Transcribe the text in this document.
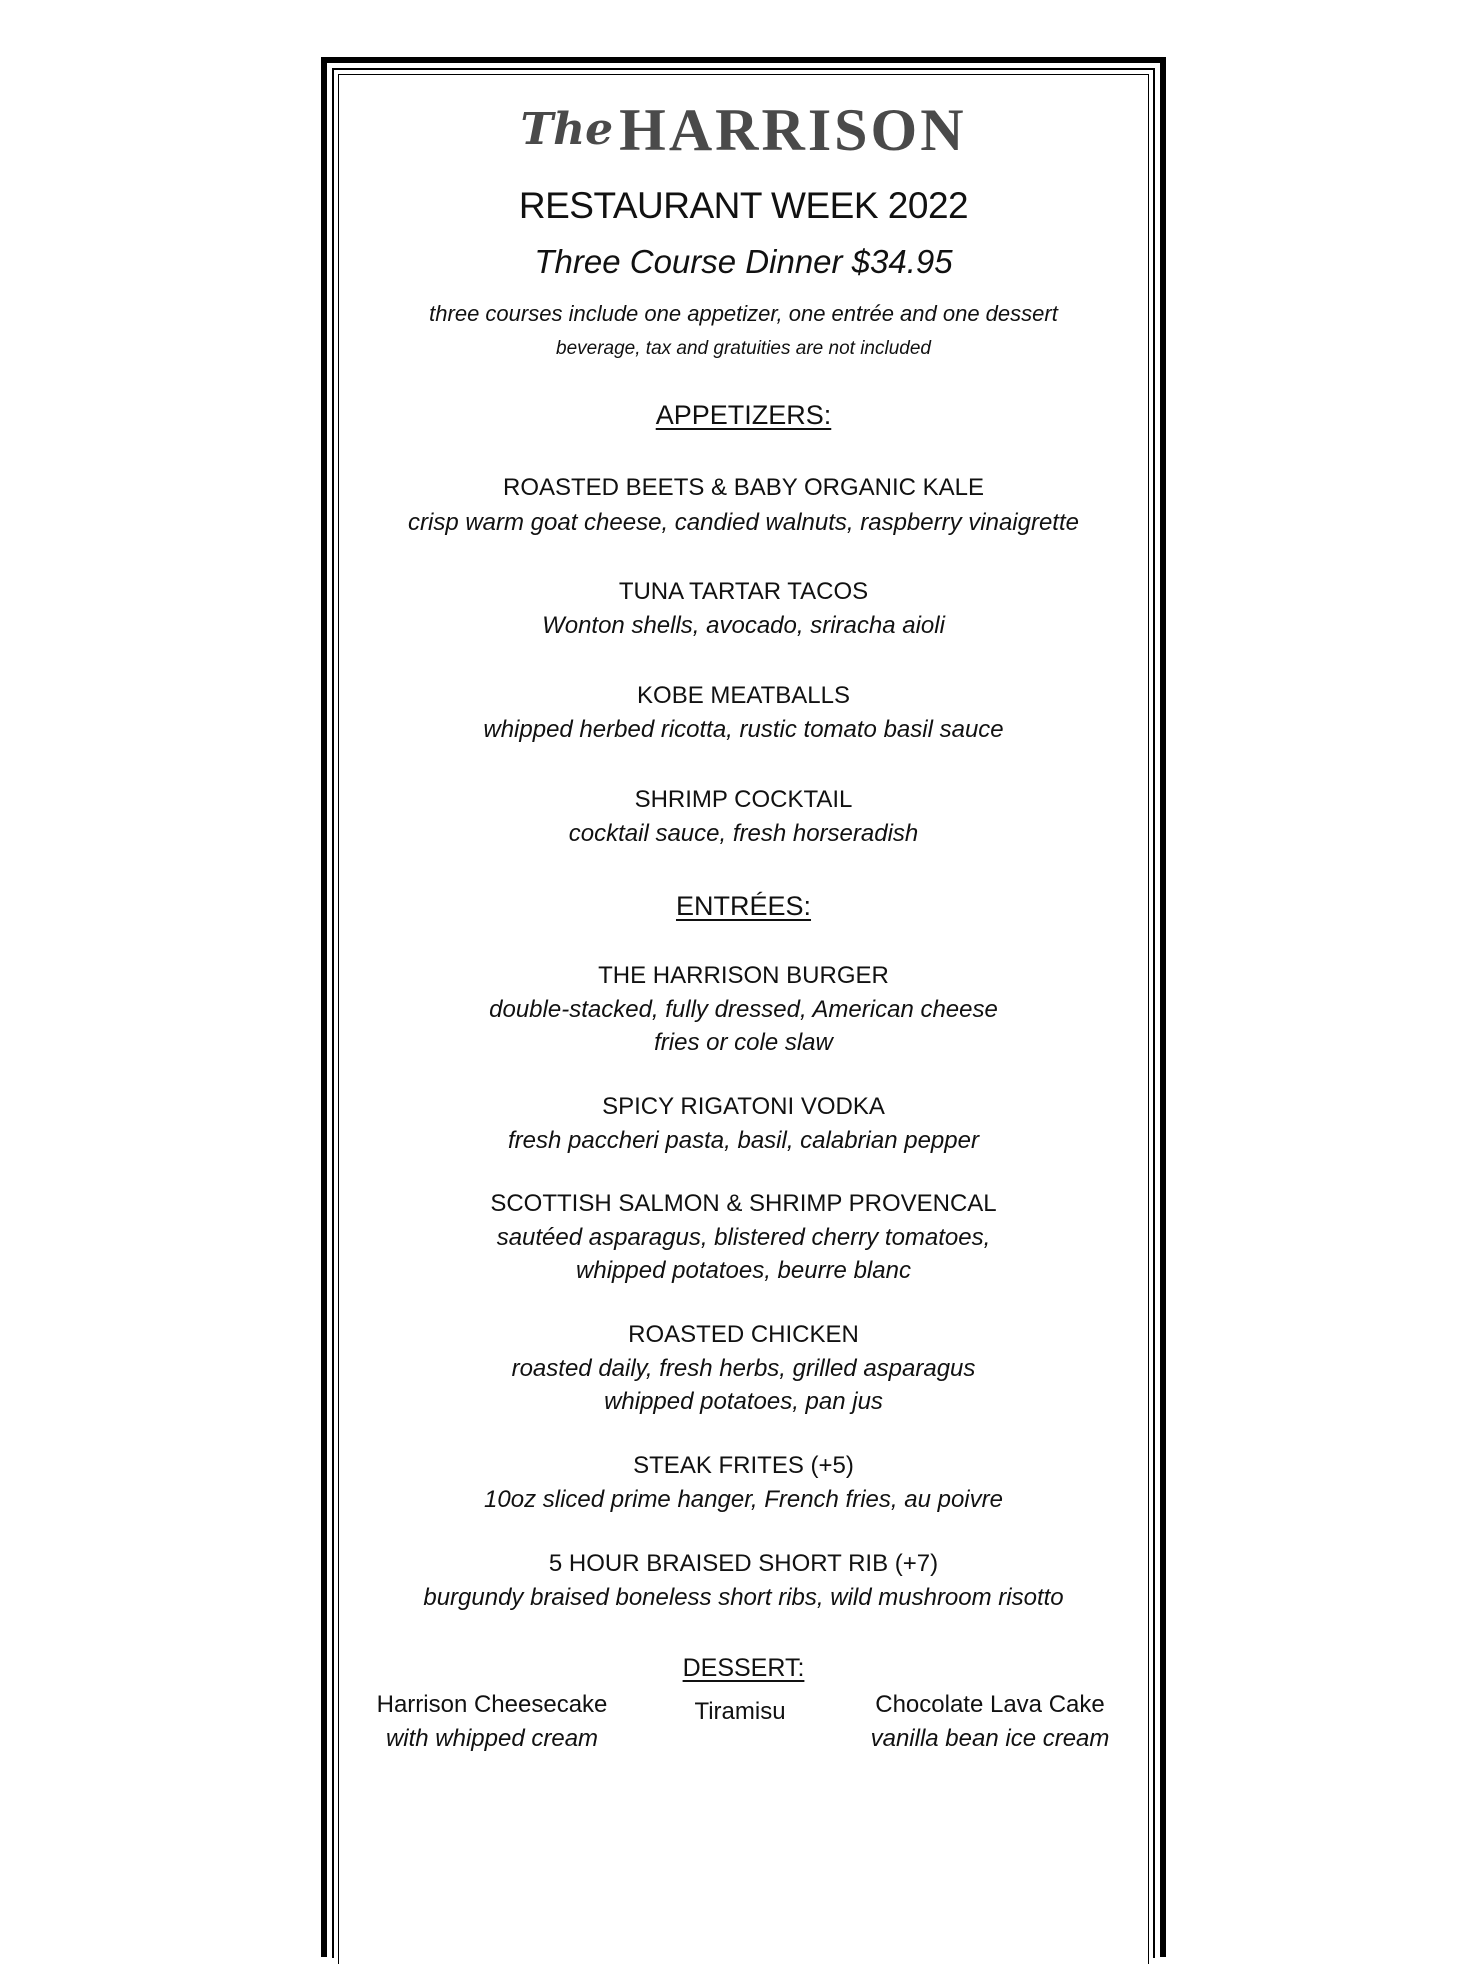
The HARRISON
RESTAURANT WEEK 2022
Three Course Dinner $34.95
three courses include one appetizer, one entrée and one dessert
beverage, tax and gratuities are not included
APPETIZERS:
ROASTED BEETS & BABY ORGANIC KALE
crisp warm goat cheese, candied walnuts, raspberry vinaigrette
TUNA TARTAR TACOS
Wonton shells, avocado, sriracha aioli
KOBE MEATBALLS
whipped herbed ricotta, rustic tomato basil sauce
SHRIMP COCKTAIL
cocktail sauce, fresh horseradish
ENTRÉES:
THE HARRISON BURGER
double-stacked, fully dressed, American cheese
fries or cole slaw
SPICY RIGATONI VODKA
fresh paccheri pasta, basil, calabrian pepper
SCOTTISH SALMON & SHRIMP PROVENCAL
sautéed asparagus, blistered cherry tomatoes,
whipped potatoes, beurre blanc
ROASTED CHICKEN
roasted daily, fresh herbs, grilled asparagus
whipped potatoes, pan jus
STEAK FRITES (+5)
10oz sliced prime hanger, French fries, au poivre
5 HOUR BRAISED SHORT RIB (+7)
burgundy braised boneless short ribs, wild mushroom risotto
DESSERT:
Harrison Cheesecake
with whipped cream
Tiramisu	Chocolate Lava Cake
vanilla bean ice cream
